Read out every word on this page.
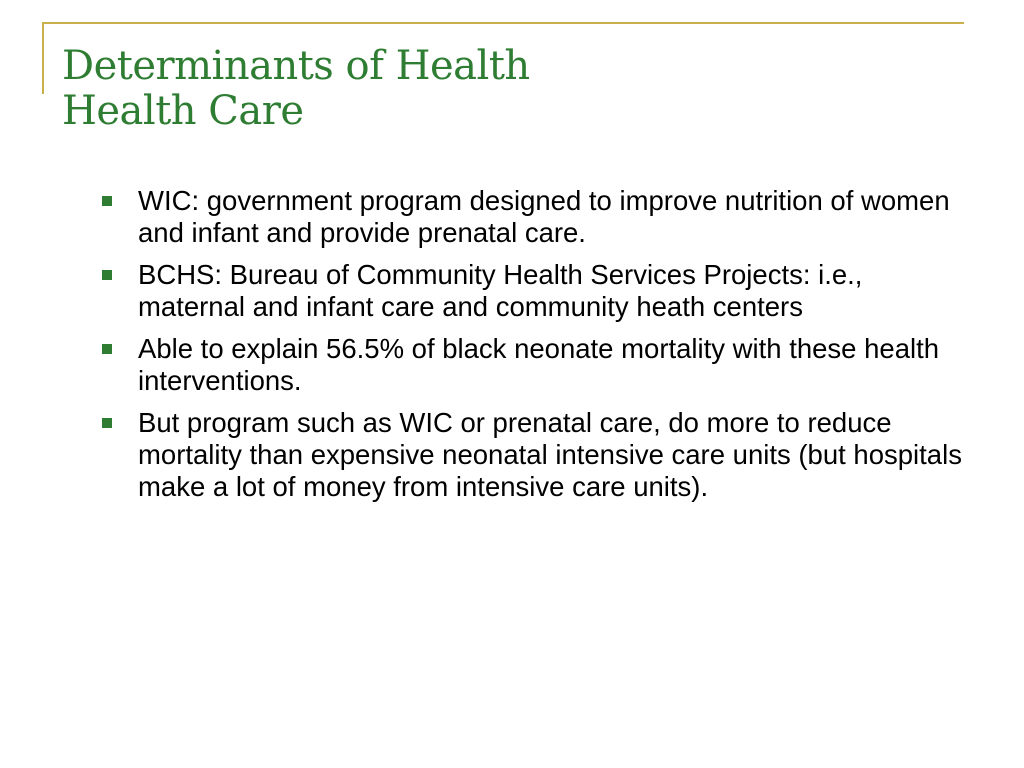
Determinants of Health
Health Care
WIC: government program designed to improve nutrition of women and infant and provide prenatal care.
BCHS: Bureau of Community Health Services Projects: i.e., maternal and infant care and community heath centers
Able to explain 56.5% of black neonate mortality with these health interventions.
But program such as WIC or prenatal care, do more to reduce mortality than expensive neonatal intensive care units (but hospitals make a lot of money from intensive care units).
